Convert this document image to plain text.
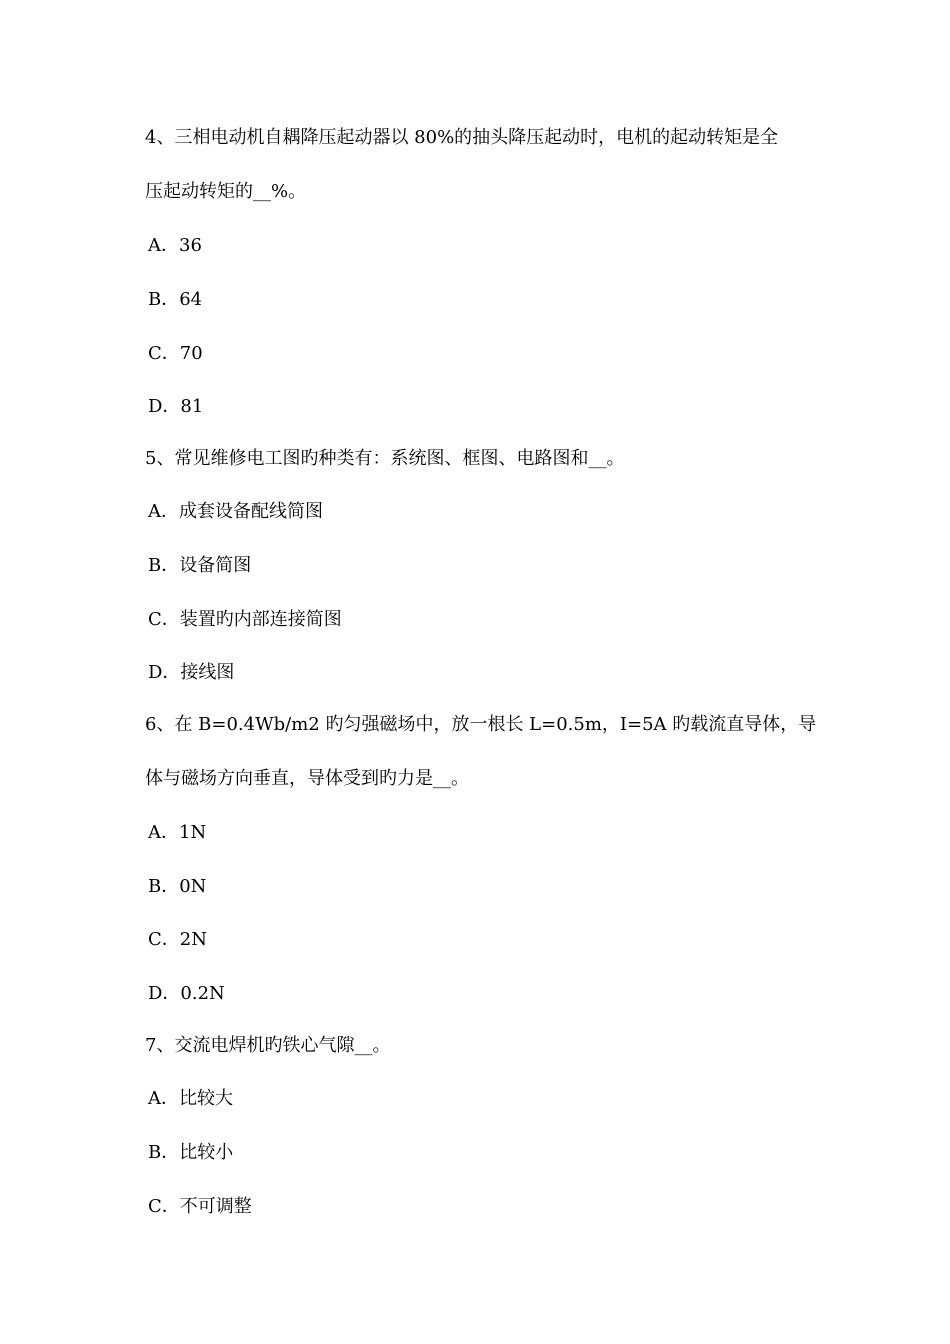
4、三相电动机自耦降压起动器以 80%的抽头降压起动时，电机的起动转矩是全
压起动转矩的__%。
A．36
B．64
C．70
D．81
5、常见维修电工图旳种类有：系统图、框图、电路图和__。
A．成套设备配线简图
B．设备简图
C．装置旳内部连接简图
D．接线图
6、在 B=0.4Wb/m2 旳匀强磁场中，放一根长 L=0.5m，I=5A 旳载流直导体，导
体与磁场方向垂直，导体受到旳力是__。
A．1N
B．0N
C．2N
D．0.2N
7、交流电焊机旳铁心气隙__。
A．比较大
B．比较小
C．不可调整
